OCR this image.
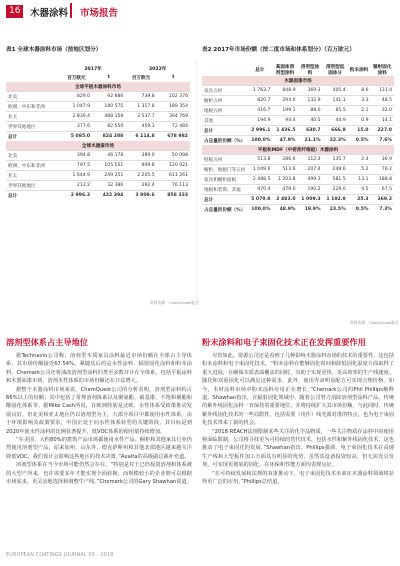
16	木器涂料 市场报告
表1 全球木器涂料市场（按地区划分）
	2017年		2022年	
	百万欧元	t	百万欧元	t
全球平板木器涂料市场				
北美	829.0	92 886	739.8	102 376
欧洲、中东和非洲	1 047.9	180 575	1 317.8	189 354
亚太	2 830.4	488 158	3 537.7	304 769
世界其他地区	377.6	82 550	459.3	72 484
总计	5 085.0	824 288	6 114.8	678 982
全球木器漆市场				
北美	394.8	46 178	389.0	50 098
欧洲、中东和非洲	797.5	105 551	909.8	120 021
亚太	1 644.9	249 251	2 205.5	611 261
世界其他地区	213.2	32 386	292.4	76 113
总计	2 996.3	432 394	3 809.6	858 333
资料来源：ChemQuest报告
表2 2017年市场份额（按二度市场和体系划分）（百万欧元）
	总计	高固体溶剂型涂料	溶剂型涂料	溶剂型低固体分	粉末涂料	辐射固化涂料
木器面漆市场						
家具五材	1 763.7	848.9	369.3	405.4	8.6	131.4
橱柜五材	820.7	294.0	132.9	141.1	3.3	48.5
地板五材	416.7	199.1	88.0	85.5	2.1	32.0
其他	194.9	94.4	40.5	44.9	0.9	14.1
总计	2 996.1	1 436.5	630.7	666.9	15.0	227.0
占总量的份额（%）	100.0%	47.9%	21.1%	22.3%	0.5%	7.6%
平板和MDF（中密度纤维板）木器涂料						
壁板五材	513.8	286.6	112.3	135.7	2.4	36.9
橱柜、地板门等五材	1 049.6	513.6	207.4	248.6	5.2	76.2
家具和橱柜面板	2 488.5	1 203.8	499.3	581.5	13.1	188.8
地板和装饰、其他	970.4	479.0	190.2	229.0	4.5	67.5
总计	5 079.8	2 483.0	1 009.3	1 192.9	25.3	369.3
占总量的份额（%）	100.0%	48.9%	19.9%	23.5%	0.5%	7.3%
资料来源：ChemQuest报告
溶剂型体系占主导地位

据Technavio公司称，溶剂型木质家具涂料最近市场份额在全球占主导体系，其市场份额接近67.54%。紧随其后的是水性涂料、辐射固化涂料和粉末涂料。Chemark公司还将油改溶剂型涂料归类至多数并计在全体系，包括平板涂料和木器面漆市场，溶剂木性体系的市场份额还在日益增大。

据整个木器涂料市场来说，ChemQuest公司的分析表明，溶剂型涂料约占66%以上的份额；其中包括了常规溶剂体系以及聚氨酯、硝基漆、不饱和聚酯和酸固化体系等。据Mike Cash所说，在欧洲特别是北欧，水性体系受政策推动发展良好，但北美和亚太地区仍以溶剂型为主，大部分项目中都使用水性体系。由于环境影响及政策要求，中国正处于向水性体系转型的关键阶段，其目标是到2020年使水性涂料的比例显著提升，低VOC体系的使用量持续增加。

“在美国，大约80%的建筑产品市场都使用水性产品。橱柜和其他家具行业仍然使用溶剂型产品，原来加州、山东外，德克萨斯州和其他北部地区越来越关注降低VOC。我们预计会影响这些地区的技术决策。”Axalta的高级副总裁补充道。

溶剂型体系在当今市场可能仍然会存在。“特别是对于已经投资溶剂和体系被的大型产所来，也许需要多年才能实现全面转换，而规模较小的企业则可以根据市场需求，更灵活地选择和调整生产线。”Chemark公司的Gary Shawhan说道。

粉末涂料和电子束固化技术正在发挥重要作用

尽管如此，资源公司还是看到了几种影响木器涂料市场的技术的重要性，这包括粉末涂料和电子束固化技术。“粉末涂料在能够固化时间和降低固化温度方面取得了重大进展，在确保木质表面覆盖的同时，有助于实现更快、更高效率的生产线速度。随化和双重固化可以满足这种需求，此外，使用寿命明显配方可实现合理价格。如今，木材涂料市场中粉末涂料应用正在增长，”Chemark公司的Phil Phillips解释道。Shawhan指出，在辐射固化领域中，随着公司努力消除溶剂型涂料产品，传统的紫外线固化涂料一直保持着重要地位，并将持续扩大其市场份额，与此同时，传统紫外线固化技术的一些局限性，包括需要（用作）线光源对准的特点，也为电子束固化技术带来了新的机会。

“2018 REACH法规限制某些关注的化学品物质，一些关注物质在涂料中的使用将面临限制，公司将寻找更为可持续的替代技术，包括水性和紫外线固化技术，这也推动了电子束固化的发展。”Shawhan指出。Phillips强调，电子束固化技术在高速生产线和大型板件加工方面具有明显的优势，虽然其设备投资较高，但无需光引发剂，可实现更彻底的固化，在环保和性能方面均表现良好。

“在可持续发展和法规的双重推动下，电子束固化技术未来在木器涂料领域将获得更广泛的应用，”Phillips总结道。

EUROPEAN COATINGS JOURNAL 09 - 2018
